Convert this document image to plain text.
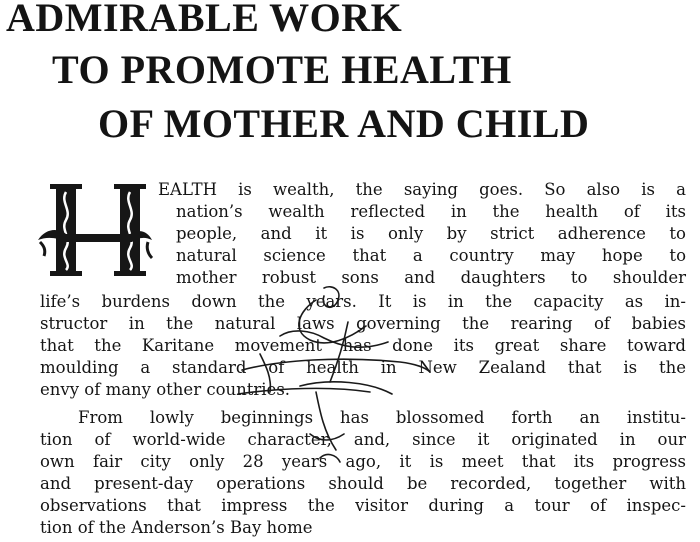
ADMIRABLE WORK
TO PROMOTE HEALTH
OF MOTHER AND CHILD

EALTH is wealth, the saying goes. So also is a

nation’s wealth reflected in the health of its

people, and it is only by strict adherence to

natural science that a country may hope to

mother robust sons and daughters to shoulder

life’s burdens down the years. It is in the capacity as in-

structor in the natural laws governing the rearing of babies

that the Karitane movement has done its great share toward

moulding a standard of health in New Zealand that is the

envy of many other countries.

From lowly beginnings has blossomed forth an institu-

tion of world-wide character, and, since it originated in our

own fair city only 28 years ago, it is meet that its progress

and present-day operations should be recorded, together with

observations that impress the visitor during a tour of inspec-

tion of the Anderson’s Bay home
